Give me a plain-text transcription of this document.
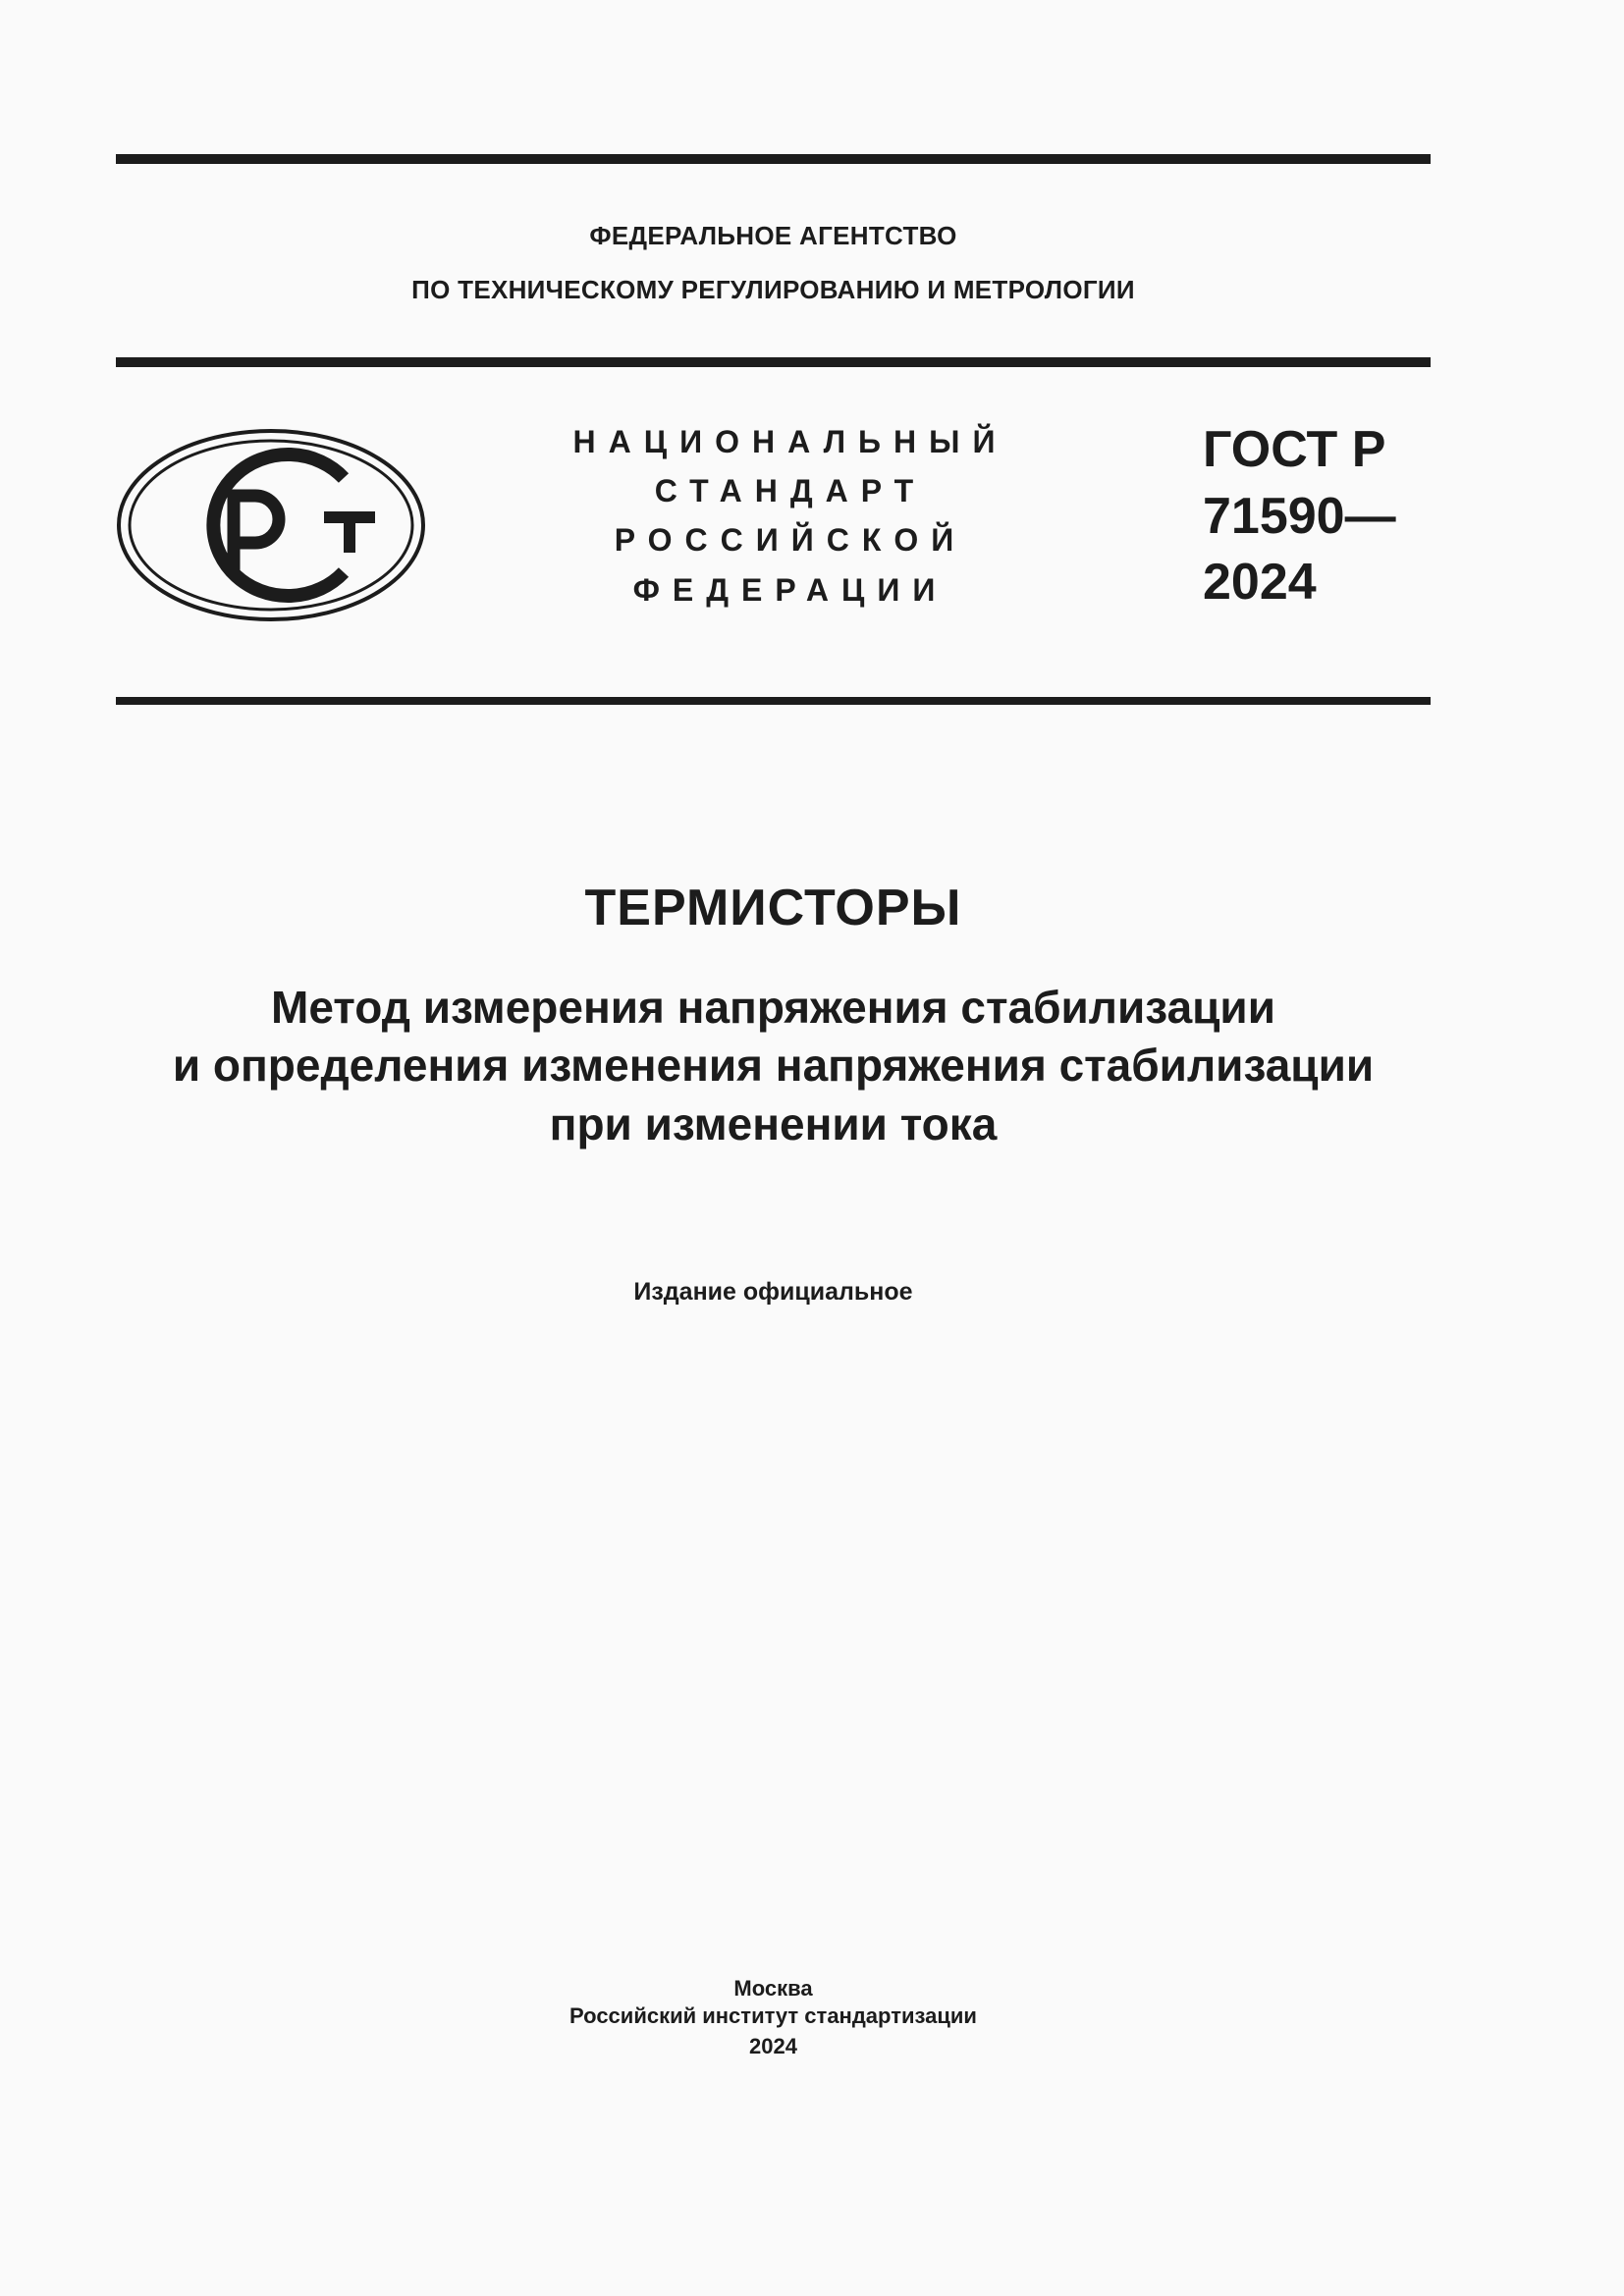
ФЕДЕРАЛЬНОЕ АГЕНТСТВО
ПО ТЕХНИЧЕСКОМУ РЕГУЛИРОВАНИЮ И МЕТРОЛОГИИ
НАЦИОНАЛЬНЫЙ
СТАНДАРТ
РОССИЙСКОЙ
ФЕДЕРАЦИИ
ГОСТ Р
71590—
2024
ТЕРМИСТОРЫ
Метод измерения напряжения стабилизации
и определения изменения напряжения стабилизации
при изменении тока
Издание официальное
Москва
Российский институт стандартизации
2024
